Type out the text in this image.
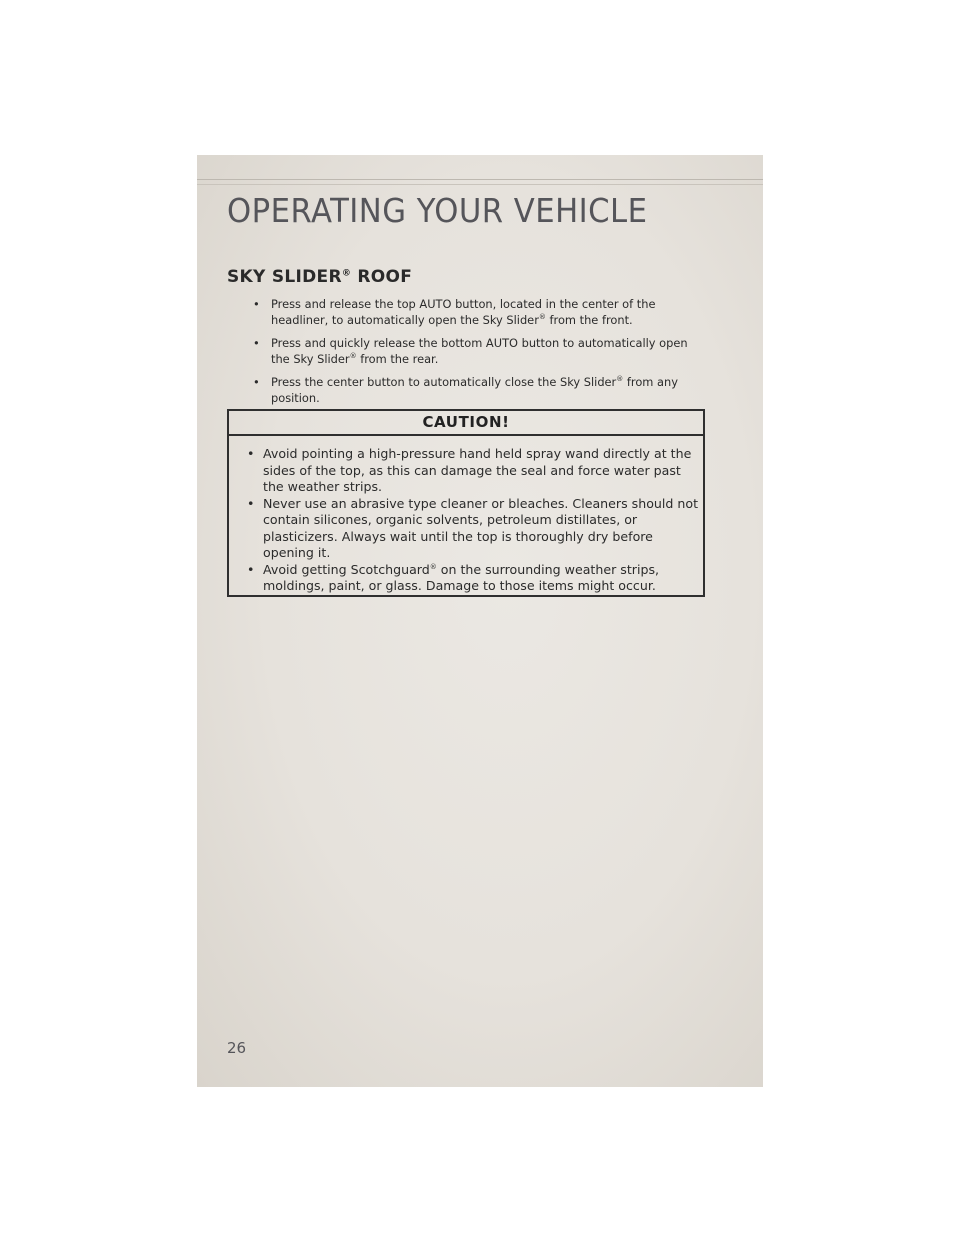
OPERATING YOUR VEHICLE
SKY SLIDER® ROOF
• Press and release the top AUTO button, located in the center of the headliner, to automatically open the Sky Slider® from the front.
• Press and quickly release the bottom AUTO button to automatically open the Sky Slider® from the rear.
• Press the center button to automatically close the Sky Slider® from any position.
CAUTION!
• Avoid pointing a high-pressure hand held spray wand directly at the sides of the top, as this can damage the seal and force water past the weather strips.
• Never use an abrasive type cleaner or bleaches. Cleaners should not contain silicones, organic solvents, petroleum distillates, or plasticizers. Always wait until the top is thoroughly dry before opening it.
• Avoid getting Scotchguard® on the surrounding weather strips, moldings, paint, or glass. Damage to those items might occur.
26
